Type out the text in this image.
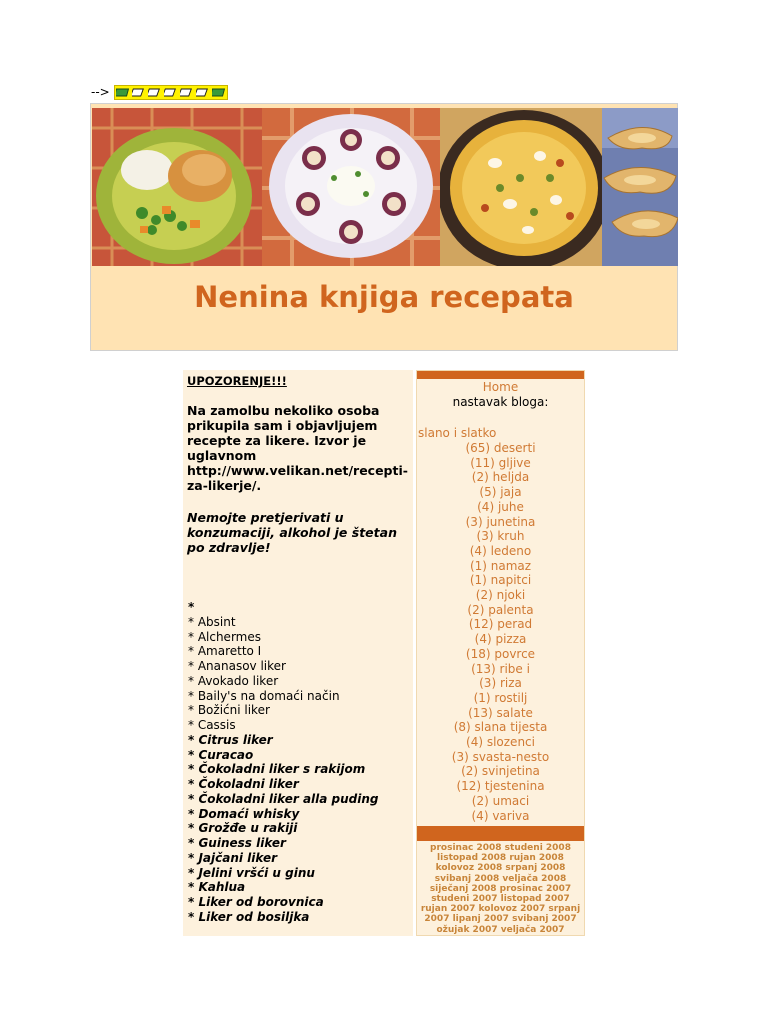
-->
Nenina knjiga recepata
UPOZORENJE!!!
Na zamolbu nekoliko osoba prikupila sam i objavljujem recepte za likere. Izvor je uglavnom http://www.velikan.net/recepti-za-likerje/.
Nemojte pretjerivati u konzumaciji, alkohol je štetan po zdravlje!
*
* Absint
* Alchermes
* Amaretto I
* Ananasov liker
* Avokado liker
* Baily's na domaći način
* Božićni liker
* Cassis
* Citrus liker
* Curacao
* Čokoladni liker s rakijom
* Čokoladni liker
* Čokoladni liker alla puding
* Domaći whisky
* Grožđe u rakiji
* Guiness liker
* Jajčani liker
* Jelini vršći u ginu
* Kahlua
* Liker od borovnica
* Liker od bosiljka
Home
nastavak bloga:
slano i slatko
(65) deserti
(11) gljive
(2) heljda
(5) jaja
(4) juhe
(3) junetina
(3) kruh
(4) ledeno
(1) namaz
(1) napitci
(2) njoki
(2) palenta
(12) perad
(4) pizza
(18) povrce
(13) ribe i
(3) riza
(1) rostilj
(13) salate
(8) slana tijesta
(4) slozenci
(3) svasta-nesto
(2) svinjetina
(12) tjestenina
(2) umaci
(4) variva
prosinac 2008 studeni 2008
listopad 2008 rujan 2008
kolovoz 2008 srpanj 2008
svibanj 2008 veljača 2008
siječanj 2008 prosinac 2007
studeni 2007 listopad 2007
rujan 2007 kolovoz 2007 srpanj
2007 lipanj 2007 svibanj 2007
ožujak 2007 veljača 2007
